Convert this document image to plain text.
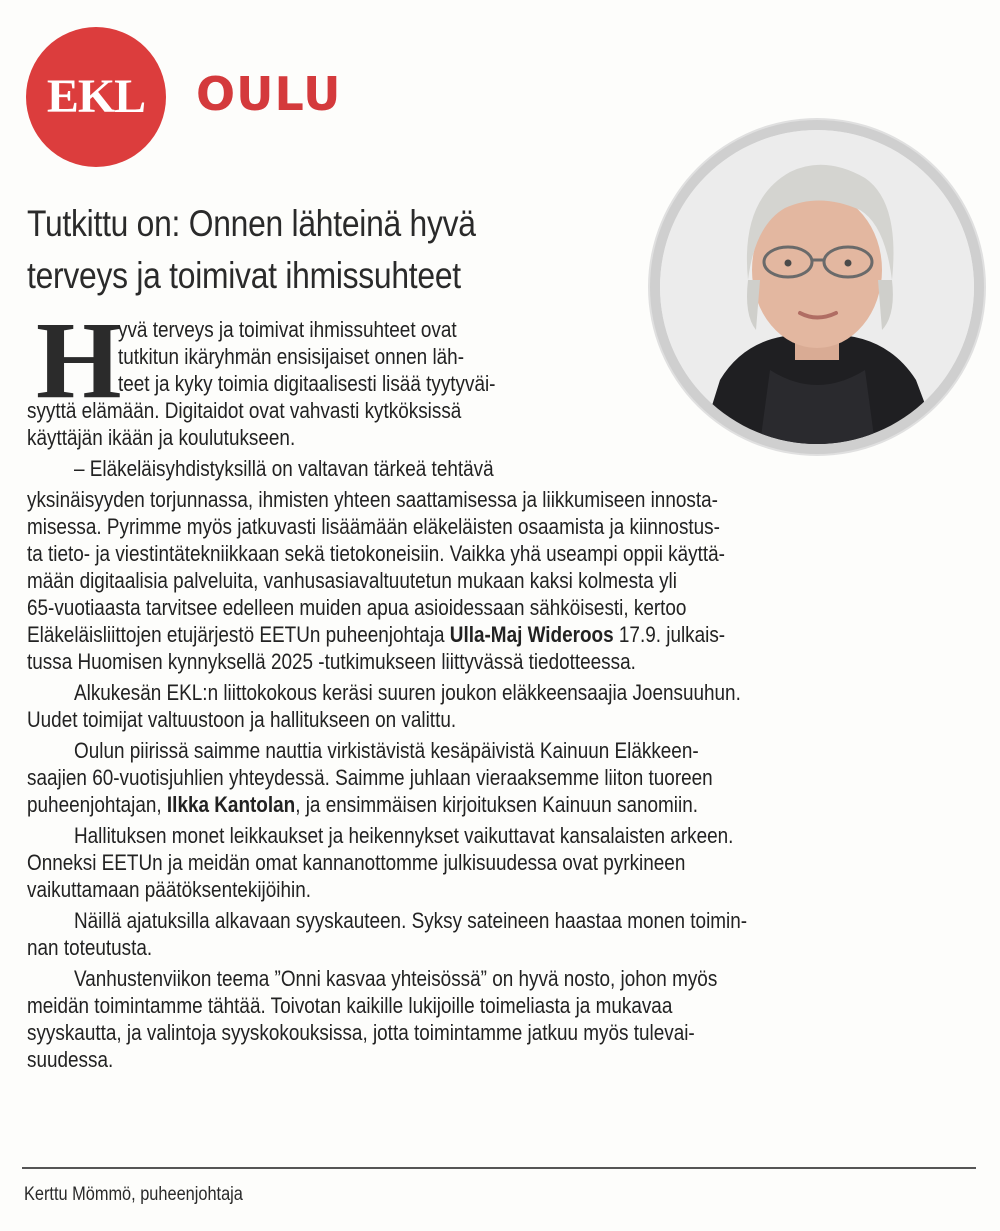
EKL	OULU
Tutkittu on: Onnen lähteinä hyvä
terveys ja toimivat ihmissuhteet
H
yvä terveys ja toimivat ihmissuhteet ovat
tutkitun ikäryhmän ensisijaiset onnen läh-
teet ja kyky toimia digitaalisesti lisää tyytyväi-
syyttä elämään. Digitaidot ovat vahvasti kytköksissä
käyttäjän ikään ja koulutukseen.
– Eläkeläisyhdistyksillä on valtavan tärkeä tehtävä
yksinäisyyden torjunnassa, ihmisten yhteen saattamisessa ja liikkumiseen innosta-
misessa. Pyrimme myös jatkuvasti lisäämään eläkeläisten osaamista ja kiinnostus-
ta tieto- ja viestintätekniikkaan sekä tietokoneisiin. Vaikka yhä useampi oppii käyttä-
mään digitaalisia palveluita, vanhusasiavaltuutetun mukaan kaksi kolmesta yli
65-vuotiaasta tarvitsee edelleen muiden apua asioidessaan sähköisesti, kertoo
Eläkeläisliittojen etujärjestö EETUn puheenjohtaja Ulla-Maj Wideroos 17.9. julkais-
tussa Huomisen kynnyksellä 2025 -tutkimukseen liittyvässä tiedotteessa.
Alkukesän EKL:n liittokokous keräsi suuren joukon eläkkeensaajia Joensuuhun.
Uudet toimijat valtuustoon ja hallitukseen on valittu.
Oulun piirissä saimme nauttia virkistävistä kesäpäivistä Kainuun Eläkkeen-
saajien 60-vuotisjuhlien yhteydessä. Saimme juhlaan vieraaksemme liiton tuoreen
puheenjohtajan, Ilkka Kantolan, ja ensimmäisen kirjoituksen Kainuun sanomiin.
Hallituksen monet leikkaukset ja heikennykset vaikuttavat kansalaisten arkeen.
Onneksi EETUn ja meidän omat kannanottomme julkisuudessa ovat pyrkineen
vaikuttamaan päätöksentekijöihin.
Näillä ajatuksilla alkavaan syyskauteen. Syksy sateineen haastaa monen toimin-
nan toteutusta.
Vanhustenviikon teema ”Onni kasvaa yhteisössä” on hyvä nosto, johon myös
meidän toimintamme tähtää. Toivotan kaikille lukijoille toimeliasta ja mukavaa
syyskautta, ja valintoja syyskokouksissa, jotta toimintamme jatkuu myös tulevai-
suudessa.
Kerttu Mömmö, puheenjohtaja
